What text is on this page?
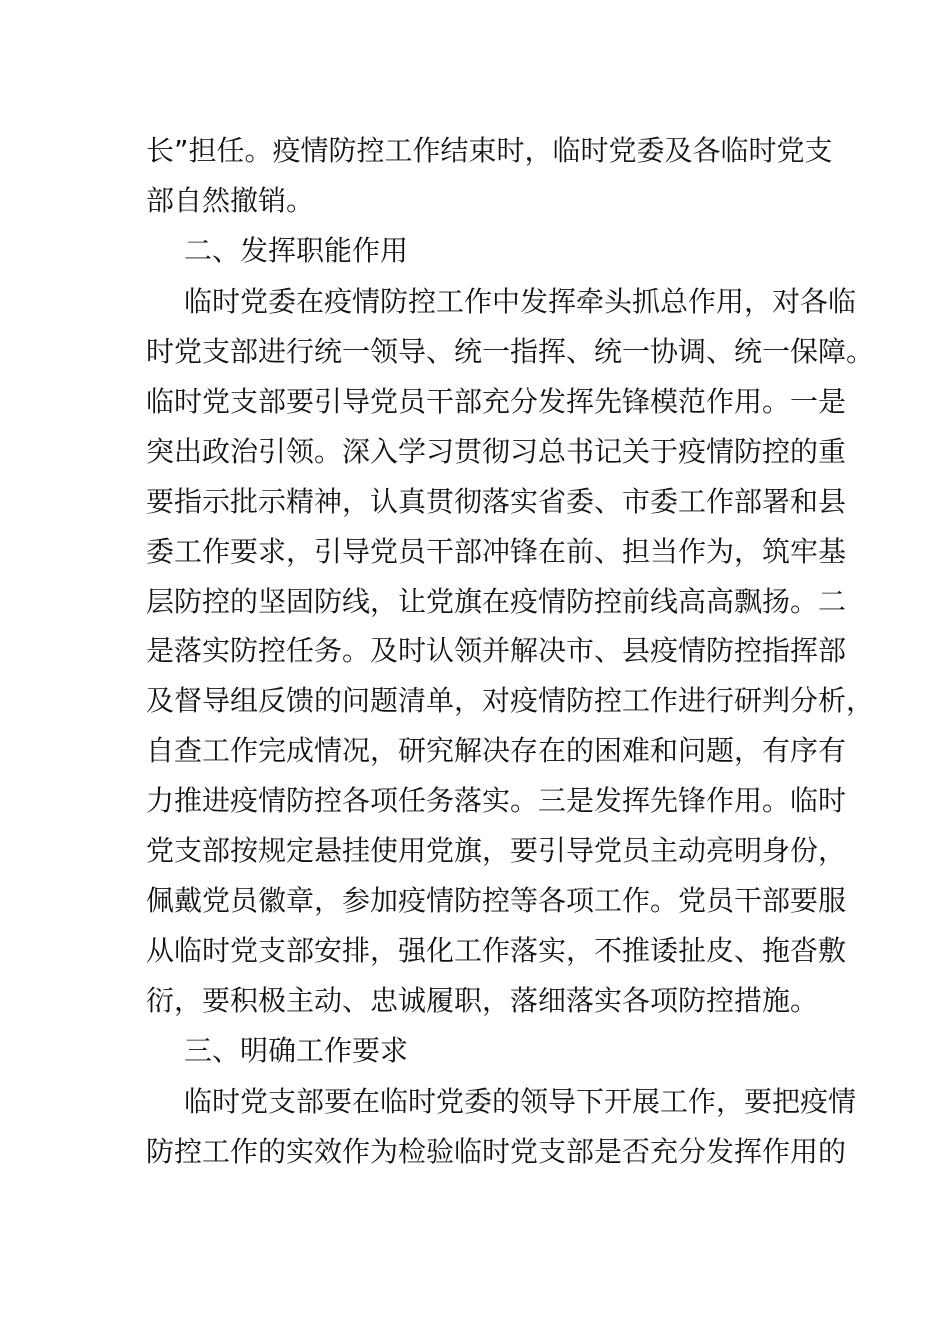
长”担任。疫情防控工作结束时，临时党委及各临时党支
部自然撤销。
二、发挥职能作用
临时党委在疫情防控工作中发挥牵头抓总作用，对各临
时党支部进行统一领导、统一指挥、统一协调、统一保障。
临时党支部要引导党员干部充分发挥先锋模范作用。一是
突出政治引领。深入学习贯彻习总书记关于疫情防控的重
要指示批示精神，认真贯彻落实省委、市委工作部署和县
委工作要求，引导党员干部冲锋在前、担当作为，筑牢基
层防控的坚固防线，让党旗在疫情防控前线高高飘扬。二
是落实防控任务。及时认领并解决市、县疫情防控指挥部
及督导组反馈的问题清单，对疫情防控工作进行研判分析，
自查工作完成情况，研究解决存在的困难和问题，有序有
力推进疫情防控各项任务落实。三是发挥先锋作用。临时
党支部按规定悬挂使用党旗，要引导党员主动亮明身份，
佩戴党员徽章，参加疫情防控等各项工作。党员干部要服
从临时党支部安排，强化工作落实，不推诿扯皮、拖沓敷
衍，要积极主动、忠诚履职，落细落实各项防控措施。
三、明确工作要求
临时党支部要在临时党委的领导下开展工作，要把疫情
防控工作的实效作为检验临时党支部是否充分发挥作用的
